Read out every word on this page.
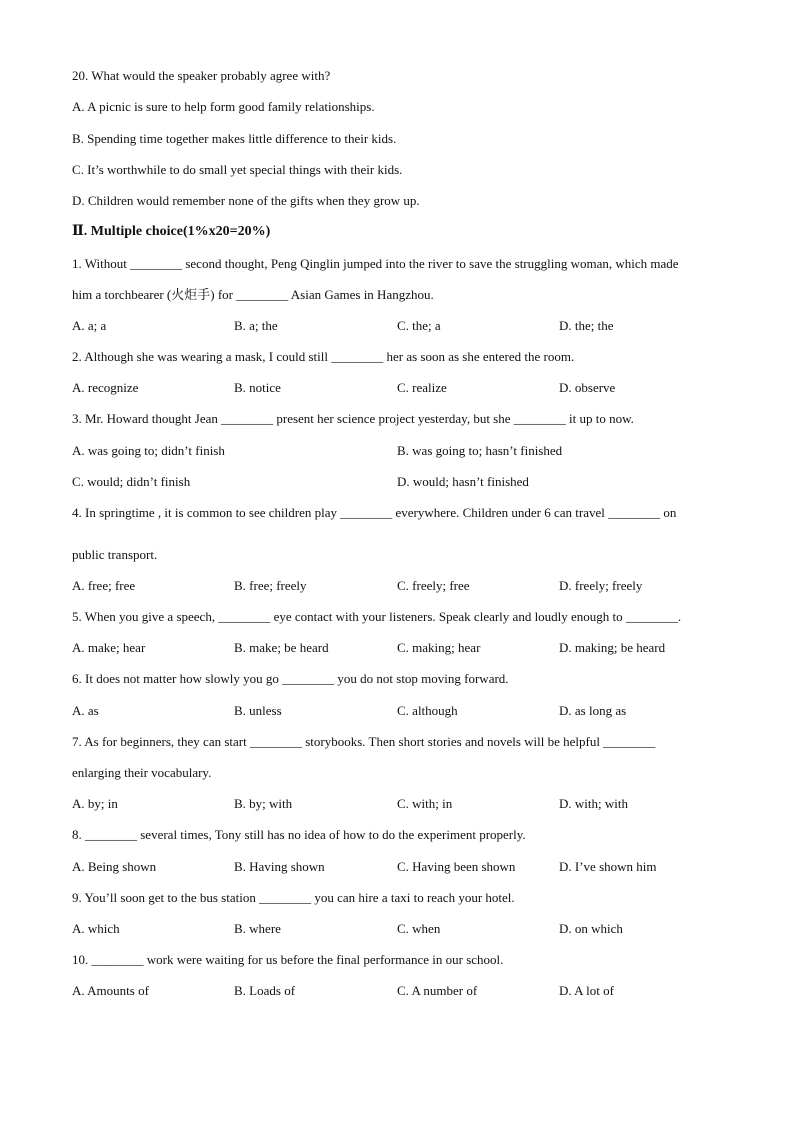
20. What would the speaker probably agree with?
A. A picnic is sure to help form good family relationships.
B. Spending time together makes little difference to their kids.
C. It’s worthwhile to do small yet special things with their kids.
D. Children would remember none of the gifts when they grow up.
Ⅱ. Multiple choice(1%x20=20%)
1. Without ________ second thought, Peng Qinglin jumped into the river to save the struggling woman, which made
him a torchbearer (火炬手) for ________ Asian Games in Hangzhou.
A. a; a	B. a; the	C. the; a	D. the; the
2. Although she was wearing a mask, I could still ________ her as soon as she entered the room.
A. recognize	B. notice	C. realize	D. observe
3. Mr. Howard thought Jean ________ present her science project yesterday, but she ________ it up to now.
A. was going to; didn’t finish	B. was going to; hasn’t finished
C. would; didn’t finish	D. would; hasn’t finished
4. In springtime , it is common to see children play ________ everywhere. Children under 6 can travel ________ on
public transport.
A. free; free	B. free; freely	C. freely; free	D. freely; freely
5. When you give a speech, ________ eye contact with your listeners. Speak clearly and loudly enough to ________.
A. make; hear	B. make; be heard	C. making; hear	D. making; be heard
6. It does not matter how slowly you go ________ you do not stop moving forward.
A. as	B. unless	C. although	D. as long as
7. As for beginners, they can start ________ storybooks. Then short stories and novels will be helpful ________
enlarging their vocabulary.
A. by; in	B. by; with	C. with; in	D. with; with
8. ________ several times, Tony still has no idea of how to do the experiment properly.
A. Being shown	B. Having shown	C. Having been shown	D. I’ve shown him
9. You’ll soon get to the bus station ________ you can hire a taxi to reach your hotel.
A. which	B. where	C. when	D. on which
10. ________ work were waiting for us before the final performance in our school.
A. Amounts of	B. Loads of	C. A number of	D. A lot of
